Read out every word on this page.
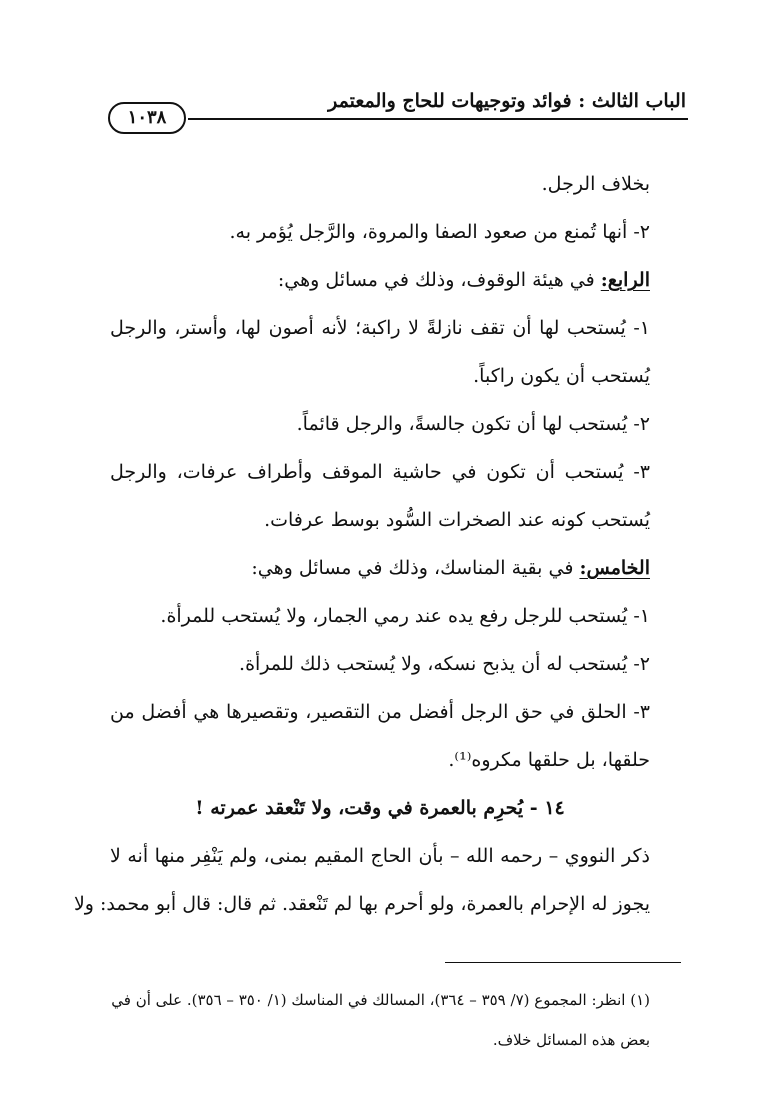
الباب الثالث : فوائد وتوجيهات للحاج والمعتمر
١٠٣٨
بخلاف الرجل.
٢- أنها تُمنع من صعود الصفا والمروة، والرَّجل يُؤمر به.
الرابع: في هيئة الوقوف، وذلك في مسائل وهي:
١- يُستحب لها أن تقف نازلةً لا راكبة؛ لأنه أصون لها، وأستر، والرجل
يُستحب أن يكون راكباً.
٢- يُستحب لها أن تكون جالسةً، والرجل قائماً.
٣- يُستحب أن تكون في حاشية الموقف وأطراف عرفات، والرجل
يُستحب كونه عند الصخرات السُّود بوسط عرفات.
الخامس: في بقية المناسك، وذلك في مسائل وهي:
١- يُستحب للرجل رفع يده عند رمي الجمار، ولا يُستحب للمرأة.
٢- يُستحب له أن يذبح نسكه، ولا يُستحب ذلك للمرأة.
٣- الحلق في حق الرجل أفضل من التقصير، وتقصيرها هي أفضل من
حلقها، بل حلقها مكروه⁽¹⁾.
١٤ - يُحرِم بالعمرة في وقت، ولا تَنْعقد عمرته !
ذكر النووي – رحمه الله – بأن الحاج المقيم بمنى، ولم يَنْفِر منها أنه لا
يجوز له الإحرام بالعمرة، ولو أحرم بها لم تَنْعقد. ثم قال: قال أبو محمد: ولا
(١) انظر: المجموع (٧/ ٣٥٩ – ٣٦٤)، المسالك في المناسك (١/ ٣٥٠ – ٣٥٦). على أن في
بعض هذه المسائل خلاف.
